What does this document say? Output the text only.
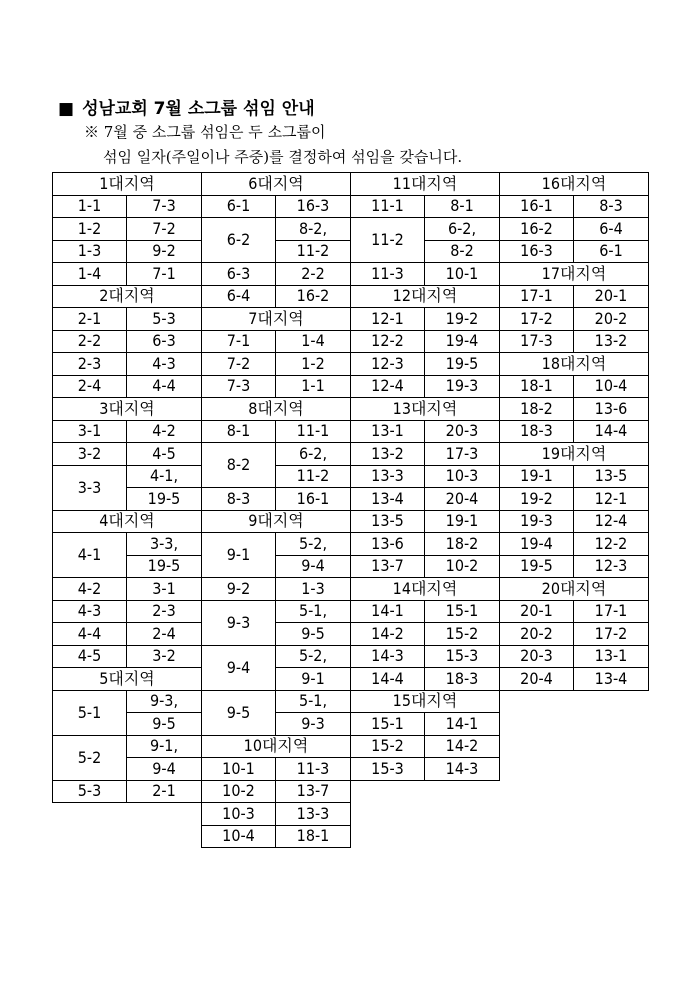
■ 성남교회 7월 소그룹 섞임 안내
※ 7월 중 소그룹 섞임은 두 소그룹이
섞임 일자(주일이나 주중)를 결정하여 섞임을 갖습니다.
1대지역	
1-1	7-3
1-2	7-2
1-3	9-2
1-4	7-1
2대지역	
2-1	5-3
2-2	6-3
2-3	4-3
2-4	4-4
3대지역	
3-1	4-2
3-2	4-5
3-3	4-1,
	19-5
4대지역	
4-1	3-3,
	19-5
4-2	3-1
4-3	2-3
4-4	2-4
4-5	3-2
5대지역	
5-1	9-3,
	9-5
5-2	9-1,
	9-4
5-3	2-1
6대지역	
6-1	16-3
6-2	8-2,
	11-2
6-3	2-2
6-4	16-2
7대지역	
7-1	1-4
7-2	1-2
7-3	1-1
8대지역	
8-1	11-1
8-2	6-2,
	11-2
8-3	16-1
9대지역	
9-1	5-2,
	9-4
9-2	1-3
9-3	5-1,
	9-5
9-4	5-2,
	9-1
9-5	5-1,
	9-3
10대지역	
10-1	11-3
10-2	13-7
10-3	13-3
10-4	18-1
11대지역	
11-1	8-1
11-2	6-2,
	8-2
11-3	10-1
12대지역	
12-1	19-2
12-2	19-4
12-3	19-5
12-4	19-3
13대지역	
13-1	20-3
13-2	17-3
13-3	10-3
13-4	20-4
13-5	19-1
13-6	18-2
13-7	10-2
14대지역	
14-1	15-1
14-2	15-2
14-3	15-3
14-4	18-3
15대지역	
15-1	14-1
15-2	14-2
15-3	14-3
16대지역	
16-1	8-3
16-2	6-4
16-3	6-1
17대지역	
17-1	20-1
17-2	20-2
17-3	13-2
18대지역	
18-1	10-4
18-2	13-6
18-3	14-4
19대지역	
19-1	13-5
19-2	12-1
19-3	12-4
19-4	12-2
19-5	12-3
20대지역	
20-1	17-1
20-2	17-2
20-3	13-1
20-4	13-4
